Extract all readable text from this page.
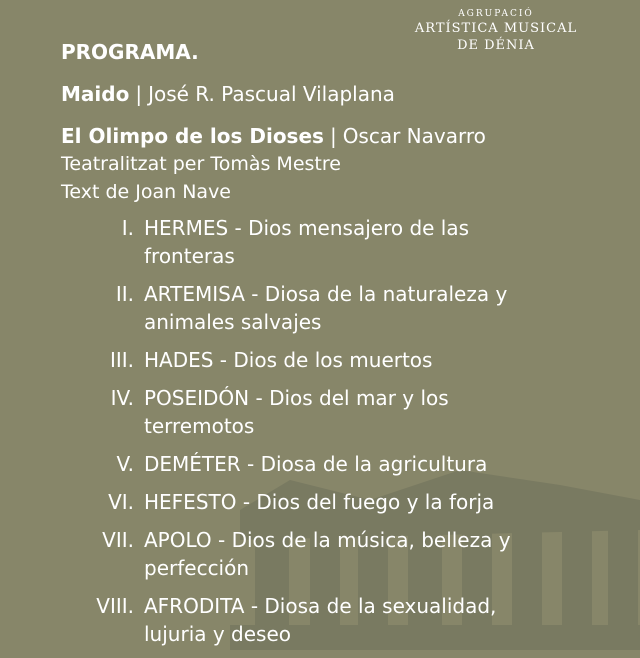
AGRUPACIÓ
ARTÍSTICA MUSICAL
DE DÉNIA
PROGRAMA.
Maido | José R. Pascual Vilaplana
El Olimpo de los Dioses | Oscar Navarro
Teatralitzat per Tomàs Mestre
Text de Joan Nave
I. HERMES - Dios mensajero de las fronteras
II. ARTEMISA - Diosa de la naturaleza y animales salvajes
III. HADES - Dios de los muertos
IV. POSEIDÓN - Dios del mar y los terremotos
V. DEMÉTER - Diosa de la agricultura
VI. HEFESTO - Dios del fuego y la forja
VII. APOLO - Dios de la música, belleza y perfección
VIII. AFRODITA - Diosa de la sexualidad, lujuria y deseo
